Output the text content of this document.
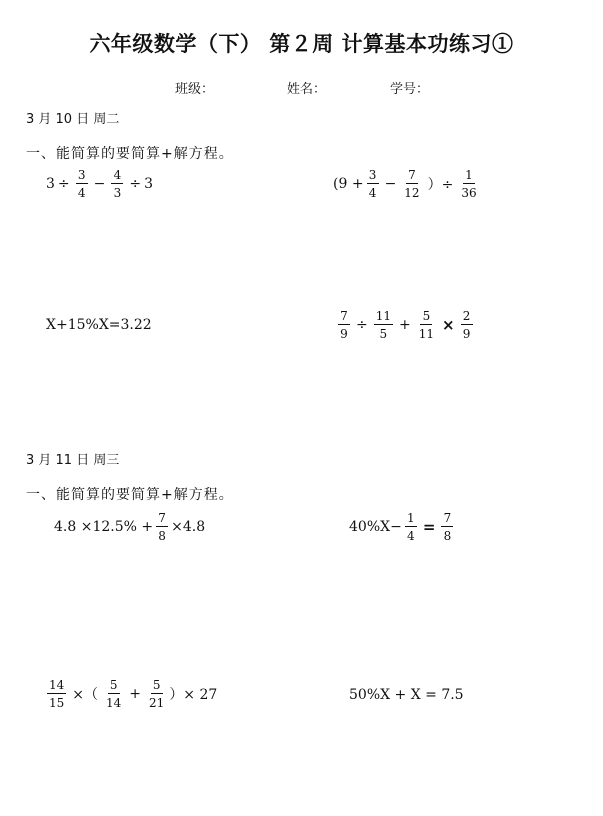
六年级数学（下） 第２周 计算基本功练习①
班级：	姓名：	学号：
3 月 10 日 周二
一、能简算的要简算+解方程。
$3 \div \frac{3}{4} - \frac{4}{3} \div 3$	($9 + \frac{3}{4} - \frac{7}{12}$ ）÷ $\frac{1}{36}$
X+15%X=3.22	$\frac{7}{9} \div \frac{11}{5} + \frac{5}{11} \times \frac{2}{9}$
3 月 11 日 周三
一、能简算的要简算+解方程。
$4.8 \times 12.5\% + \frac{7}{8} \times 4.8$	$40\%X- \frac{1}{4} = \frac{7}{8}$
$\frac{14}{15}$ ×（ $\frac{5}{14} + \frac{5}{21}$ ）× 27	50%X + X = 7.5
